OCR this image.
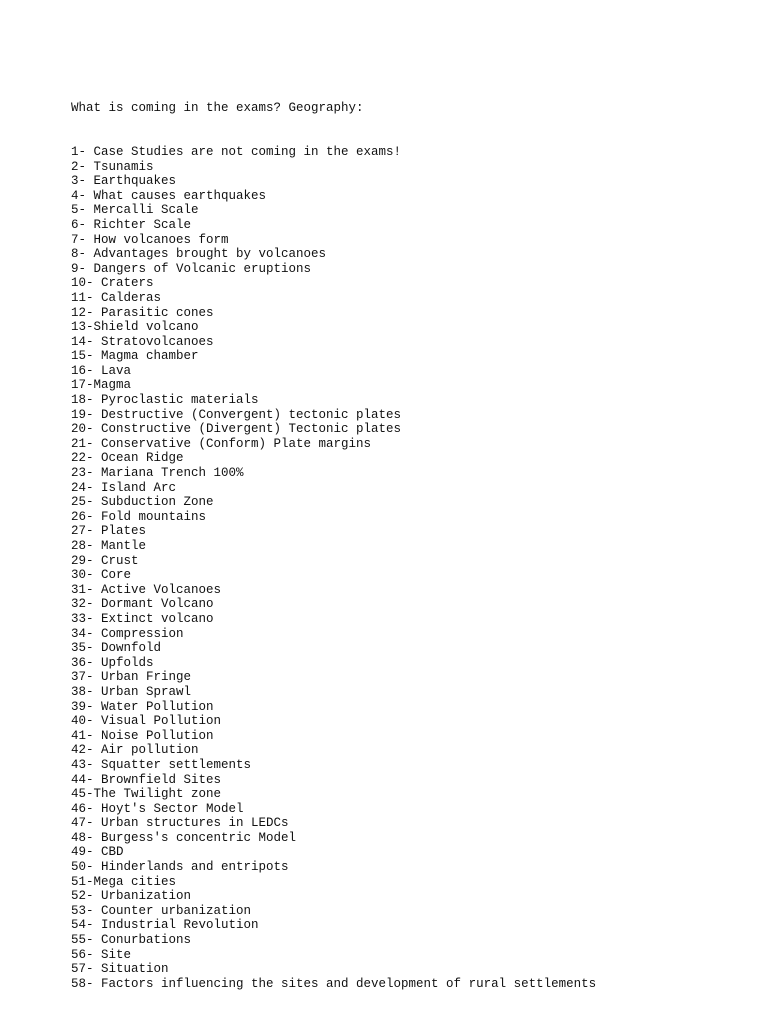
What is coming in the exams? Geography:

1- Case Studies are not coming in the exams!
2- Tsunamis
3- Earthquakes
4- What causes earthquakes
5- Mercalli Scale
6- Richter Scale
7- How volcanoes form
8- Advantages brought by volcanoes
9- Dangers of Volcanic eruptions
10- Craters
11- Calderas
12- Parasitic cones
13-Shield volcano
14- Stratovolcanoes
15- Magma chamber
16- Lava
17-Magma
18- Pyroclastic materials
19- Destructive (Convergent) tectonic plates
20- Constructive (Divergent) Tectonic plates
21- Conservative (Conform) Plate margins
22- Ocean Ridge
23- Mariana Trench 100%
24- Island Arc
25- Subduction Zone
26- Fold mountains
27- Plates
28- Mantle
29- Crust
30- Core
31- Active Volcanoes
32- Dormant Volcano
33- Extinct volcano
34- Compression
35- Downfold
36- Upfolds
37- Urban Fringe
38- Urban Sprawl
39- Water Pollution
40- Visual Pollution
41- Noise Pollution
42- Air pollution
43- Squatter settlements
44- Brownfield Sites
45-The Twilight zone
46- Hoyt's Sector Model
47- Urban structures in LEDCs
48- Burgess's concentric Model
49- CBD
50- Hinderlands and entripots
51-Mega cities
52- Urbanization
53- Counter urbanization
54- Industrial Revolution
55- Conurbations
56- Site
57- Situation
58- Factors influencing the sites and development of rural settlements
